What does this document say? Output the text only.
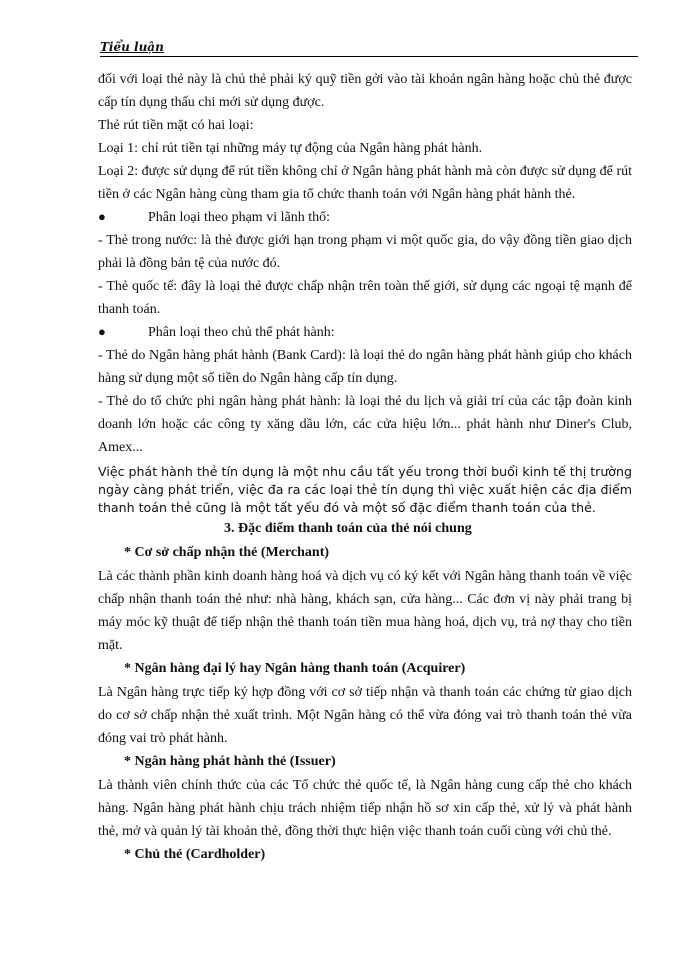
Tiểu luận

đối với loại thẻ này là chủ thẻ phải ký quỹ tiền gởi vào tài khoản ngân hàng hoặc chủ thẻ được cấp tín dụng thấu chi mới sử dụng được.

Thẻ rút tiền mặt có hai loại:

Loại 1: chỉ rút tiền tại những máy tự động của Ngân hàng phát hành.

Loại 2: được sử dụng để rút tiền không chỉ ở Ngân hàng phát hành mà còn được sử dụng để rút tiền ở các Ngân hàng cùng tham gia tổ chức thanh toán với Ngân hàng phát hành thẻ.

●	Phân loại theo phạm vi lãnh thổ:

- Thẻ trong nước: là thẻ được giới hạn trong phạm vi một quốc gia, do vậy đồng tiền giao dịch phải là đồng bản tệ của nước đó.

- Thẻ quốc tế: đây là loại thẻ được chấp nhận trên toàn thế giới, sử dụng các ngoại tệ mạnh để thanh toán.

●	Phân loại theo chủ thể phát hành:

- Thẻ do Ngân hàng phát hành (Bank Card): là loại thẻ do ngân hàng phát hành giúp cho khách hàng sử dụng một số tiền do Ngân hàng cấp tín dụng.

- Thẻ do tổ chức phi ngân hàng phát hành: là loại thẻ du lịch và giải trí của các tập đoàn kinh doanh lớn hoặc các công ty xăng dầu lớn, các cửa hiệu lớn... phát hành như Diner's Club, Amex...

Việc phát hành thẻ tín dụng là một nhu cầu tất yếu trong thời buổi kinh tế thị trường ngày càng phát triển, việc đa ra các loại thẻ tín dụng thì việc xuất hiện các địa điểm thanh toán thẻ cũng là một tất yếu đó và một số đặc điểm thanh toán của thẻ.

3. Đặc điểm thanh toán của thẻ nói chung
* Cơ sở chấp nhận thẻ (Merchant)

Là các thành phần kinh doanh hàng hoá và dịch vụ có ký kết với Ngân hàng thanh toán về việc chấp nhận thanh toán thẻ như: nhà hàng, khách sạn, cửa hàng... Các đơn vị này phải trang bị máy móc kỹ thuật để tiếp nhận thẻ thanh toán tiền mua hàng hoá, dịch vụ, trả nợ thay cho tiền mặt.

* Ngân hàng đại lý hay Ngân hàng thanh toán (Acquirer)

Là Ngân hàng trực tiếp ký hợp đồng với cơ sở tiếp nhận và thanh toán các chứng từ giao dịch do cơ sở chấp nhận thẻ xuất trình. Một Ngân hàng có thể vừa đóng vai trò thanh toán thẻ vừa đóng vai trò phát hành.

* Ngân hàng phát hành thẻ (Issuer)

Là thành viên chính thức của các Tổ chức thẻ quốc tế, là Ngân hàng cung cấp thẻ cho khách hàng. Ngân hàng phát hành chịu trách nhiệm tiếp nhận hồ sơ xin cấp thẻ, xử lý và phát hành thẻ, mở và quản lý tài khoản thẻ, đồng thời thực hiện việc thanh toán cuối cùng với chủ thẻ.

* Chủ thẻ (Cardholder)
